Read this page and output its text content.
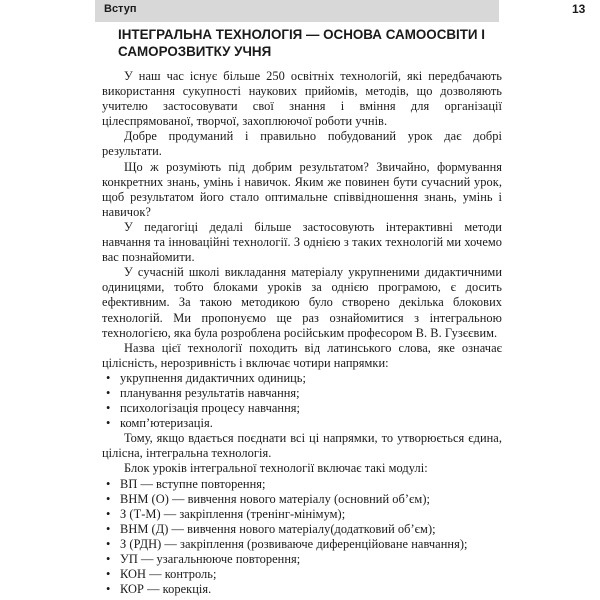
Вступ	13
ІНТЕГРАЛЬНА ТЕХНОЛОГІЯ — ОСНОВА САМООСВІТИ І САМОРОЗВИТКУ УЧНЯ

У наш час існує більше 250 освітніх технологій, які передбачають використання сукупності наукових прийомів, методів, що дозволяють учителю застосовувати свої знання і вміння для організації цілеспрямованої, творчої, захоплюючої роботи учнів.

Добре продуманий і правильно побудований урок дає добрі результати.

Що ж розуміють під добрим результатом? Звичайно, формування конкретних знань, умінь і навичок. Яким же повинен бути сучасний урок, щоб результатом його стало оптимальне співвідношення знань, умінь і навичок?

У педагогіці дедалі більше застосовують інтерактивні методи навчання та інноваційні технології. З однією з таких технологій ми хочемо вас познайомити.

У сучасній школі викладання матеріалу укрупненими дидактичними одиницями, тобто блоками уроків за однією програмою, є досить ефективним. За такою методикою було створено декілька блокових технологій. Ми пропонуємо ще раз ознайомитися з інтегральною технологією, яка була розроблена російським професором В. В. Гузєєвим.

Назва цієї технології походить від латинського слова, яке означає цілісність, нерозривність і включає чотири напрямки:

• укрупнення дидактичних одиниць;
• планування результатів навчання;
• психологізація процесу навчання;
• комп’ютеризація.

Тому, якщо вдається поєднати всі ці напрямки, то утворюється єдина, цілісна, інтегральна технологія.

Блок уроків інтегральної технології включає такі модулі:

• ВП — вступне повторення;
• ВНМ (О) — вивчення нового матеріалу (основний об’єм);
• З (Т-М) — закріплення (тренінг-мінімум);
• ВНМ (Д) — вивчення нового матеріалу(додатковий об’єм);
• З (РДН) — закріплення (розвиваюче диференційоване навчання);
• УП — узагальнююче повторення;
• КОН — контроль;
• КОР — корекція.
